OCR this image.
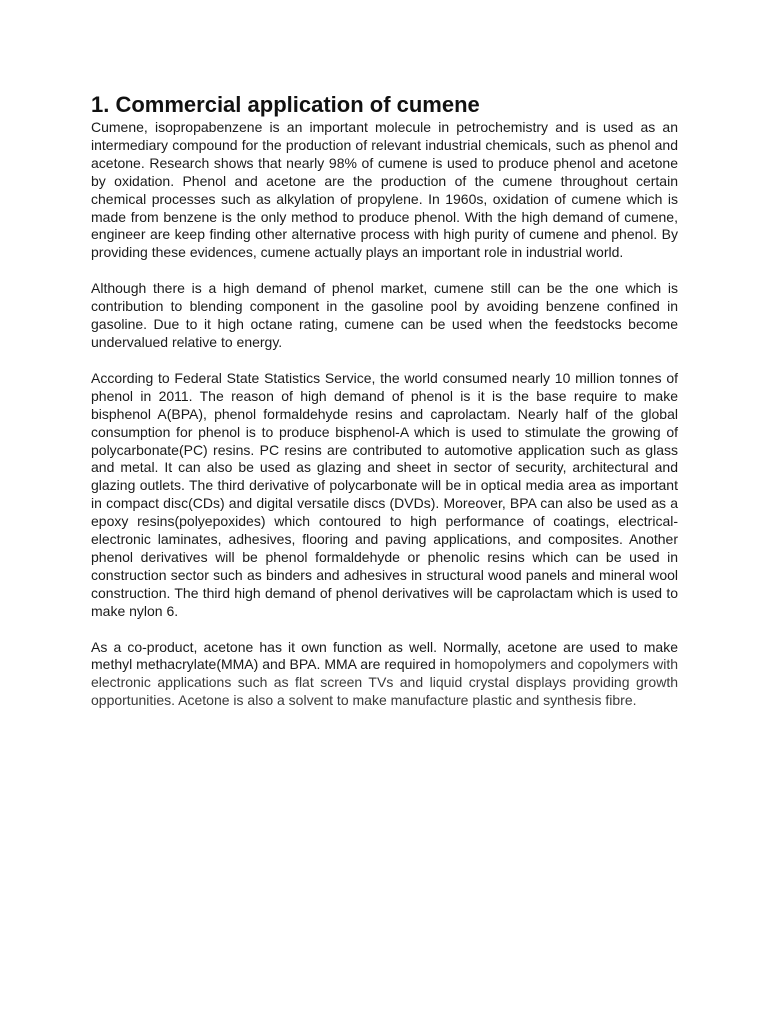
1. Commercial application of cumene

Cumene, isopropabenzene is an important molecule in petrochemistry and is used as an intermediary compound for the production of relevant industrial chemicals, such as phenol and acetone. Research shows that nearly 98% of cumene is used to produce phenol and acetone by oxidation. Phenol and acetone are the production of the cumene throughout certain chemical processes such as alkylation of propylene. In 1960s, oxidation of cumene which is made from benzene is the only method to produce phenol. With the high demand of cumene, engineer are keep finding other alternative process with high purity of cumene and phenol. By providing these evidences, cumene actually plays an important role in industrial world.

Although there is a high demand of phenol market, cumene still can be the one which is contribution to blending component in the gasoline pool by avoiding benzene confined in gasoline. Due to it high octane rating, cumene can be used when the feedstocks become undervalued relative to energy.

According to Federal State Statistics Service, the world consumed nearly 10 million tonnes of phenol in 2011. The reason of high demand of phenol is it is the base require to make bisphenol A(BPA), phenol formaldehyde resins and caprolactam. Nearly half of the global consumption for phenol is to produce bisphenol-A which is used to stimulate the growing of polycarbonate(PC) resins. PC resins are contributed to automotive application such as glass and metal. It can also be used as glazing and sheet in sector of security, architectural and glazing outlets. The third derivative of polycarbonate will be in optical media area as important in compact disc(CDs) and digital versatile discs (DVDs). Moreover, BPA can also be used as a epoxy resins(polyepoxides) which contoured to high performance of coatings, electrical-electronic laminates, adhesives, flooring and paving applications, and composites. Another phenol derivatives will be phenol formaldehyde or phenolic resins which can be used in construction sector such as binders and adhesives in structural wood panels and mineral wool construction. The third high demand of phenol derivatives will be caprolactam which is used to make nylon 6.

As a co-product, acetone has it own function as well. Normally, acetone are used to make methyl methacrylate(MMA) and BPA. MMA are required in homopolymers and copolymers with electronic applications such as flat screen TVs and liquid crystal displays providing growth opportunities. Acetone is also a solvent to make manufacture plastic and synthesis fibre.
